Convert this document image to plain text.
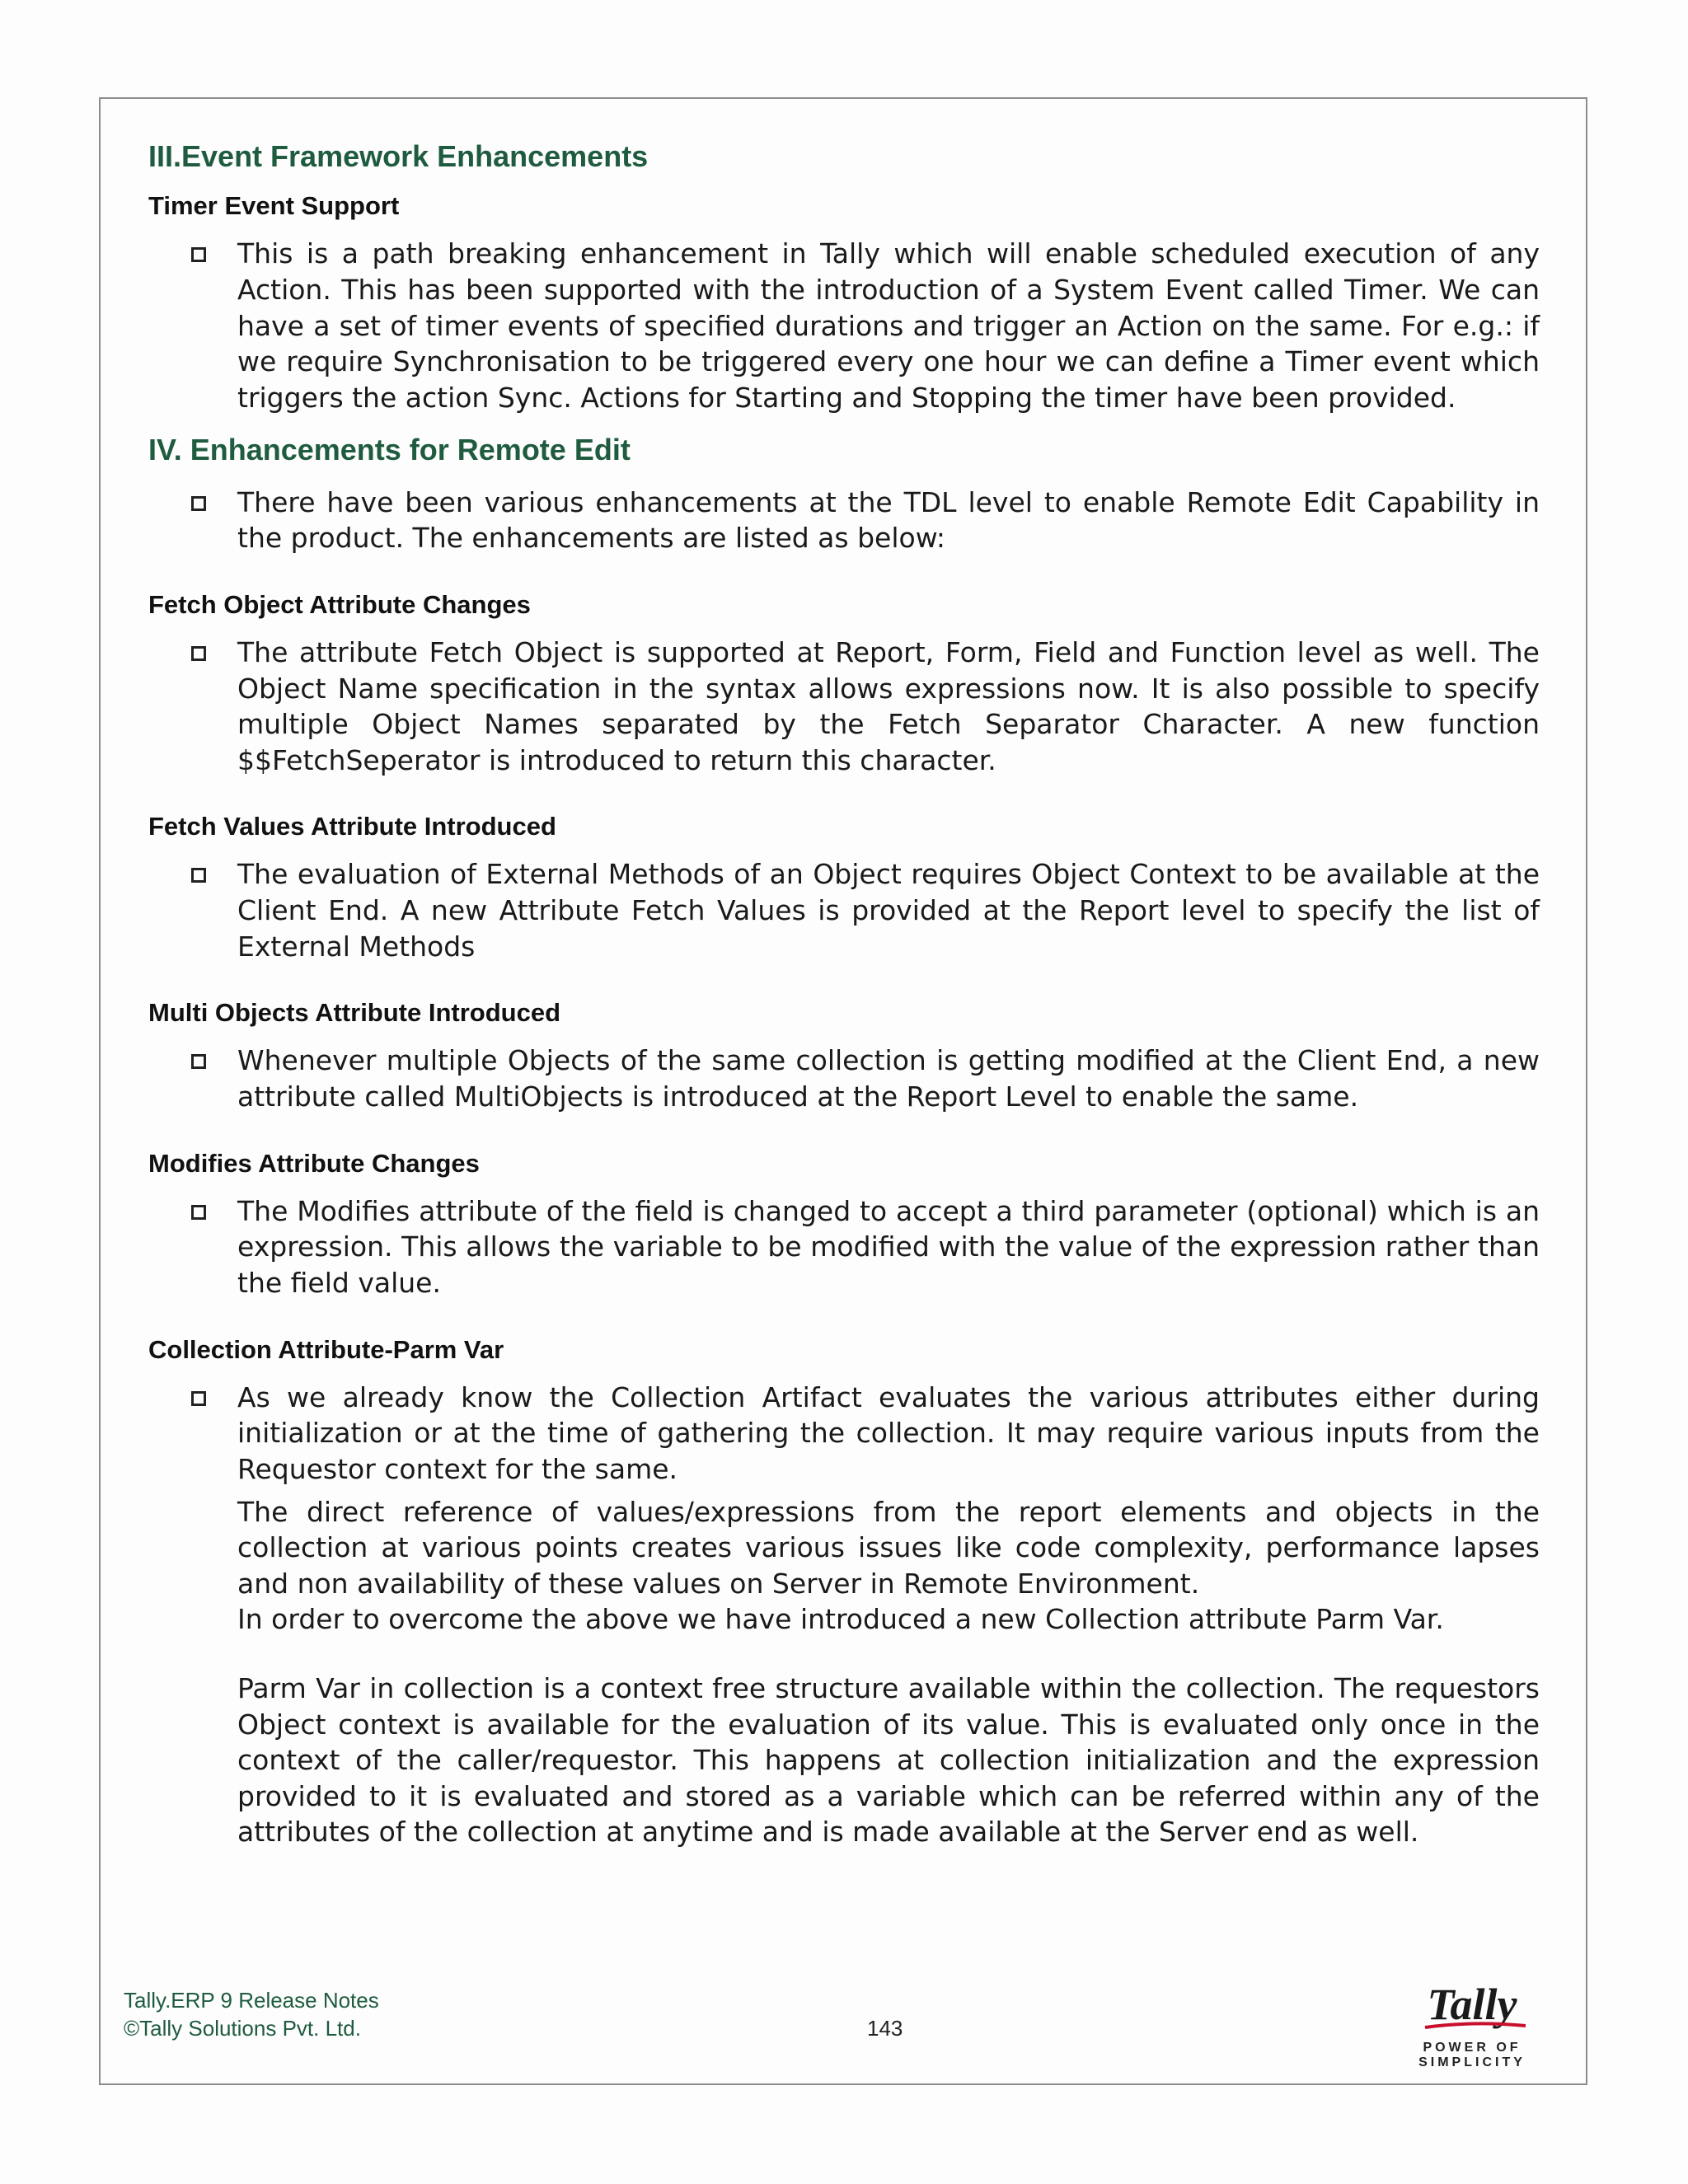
III.Event Framework Enhancements
Timer Event Support
This is a path breaking enhancement in Tally which will enable scheduled execution of any Action. This has been supported with the introduction of a System Event called Timer. We can have a set of timer events of specified durations and trigger an Action on the same. For e.g.: if we require Synchronisation to be triggered every one hour we can define a Timer event which triggers the action Sync. Actions for Starting and Stopping the timer have been provided.
IV. Enhancements for Remote Edit
There have been various enhancements at the TDL level to enable Remote Edit Capability in the product. The enhancements are listed as below:
Fetch Object Attribute Changes
The attribute Fetch Object is supported at Report, Form, Field and Function level as well. The Object Name specification in the syntax allows expressions now. It is also possible to specify multiple Object Names separated by the Fetch Separator Character. A new function $$FetchSeperator is introduced to return this character.
Fetch Values Attribute Introduced
The evaluation of External Methods of an Object requires Object Context to be available at the Client End. A new Attribute Fetch Values is provided at the Report level to specify the list of External Methods
Multi Objects Attribute Introduced
Whenever multiple Objects of the same collection is getting modified at the Client End, a new attribute called MultiObjects is introduced at the Report Level to enable the same.
Modifies Attribute Changes
The Modifies attribute of the field is changed to accept a third parameter (optional) which is an expression. This allows the variable to be modified with the value of the expression rather than the field value.
Collection Attribute-Parm Var
As we already know the Collection Artifact evaluates the various attributes either during initialization or at the time of gathering the collection. It may require various inputs from the Requestor context for the same.

The direct reference of values/expressions from the report elements and objects in the collection at various points creates various issues like code complexity, performance lapses and non availability of these values on Server in Remote Environment.

In order to overcome the above we have introduced a new Collection attribute Parm Var.

Parm Var in collection is a context free structure available within the collection. The requestors Object context is available for the evaluation of its value. This is evaluated only once in the context of the caller/requestor. This happens at collection initialization and the expression provided to it is evaluated and stored as a variable which can be referred within any of the attributes of the collection at anytime and is made available at the Server end as well.

Tally.ERP 9 Release Notes
©Tally Solutions Pvt. Ltd.	143	Tally
POWER OF SIMPLICITY
